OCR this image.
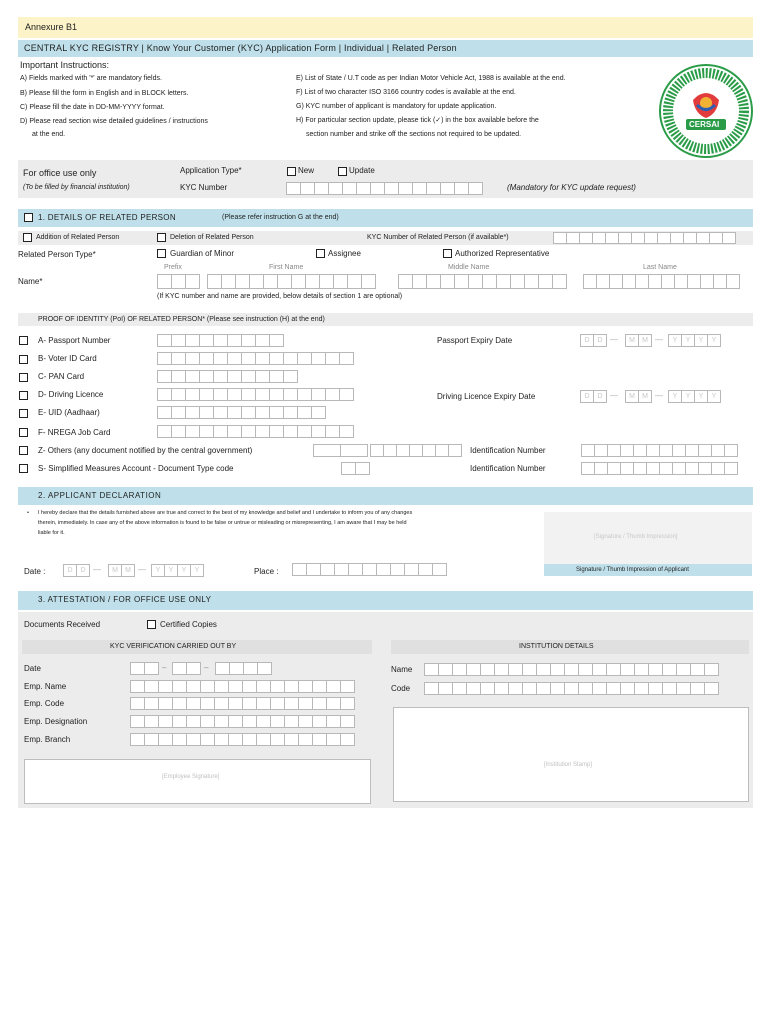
Annexure B1
CENTRAL KYC REGISTRY | Know Your Customer (KYC) Application Form | Individual | Related Person
Important Instructions:
A) Fields marked with '*' are mandatory fields.
B) Please fill the form in English and in BLOCK letters.
C) Please fill the date in DD-MM-YYYY format.
D) Please read section wise detailed guidelines / instructions
at the end.
E) List of State / U.T code as per Indian Motor Vehicle Act, 1988 is available at the end.
F) List of two character ISO 3166 country codes is available at the end.
G) KYC number of applicant is mandatory for update application.
H) For particular section update, please tick (✓) in the box available before the
section number and strike off the sections not required to be updated.
CERSAI
For office use only
(To be filled by financial institution)
Application Type*	New	Update
KYC Number	(Mandatory for KYC update request)
1. DETAILS OF RELATED PERSON	(Please refer instruction G at the end)
Addition of Related Person	Deletion of Related Person	KYC Number of Related Person (if available*)
Related Person Type*	Guardian of Minor	Assignee	Authorized Representative
Prefix	First Name	Middle Name	Last Name
Name*
(If KYC number and name are provided, below details of section 1 are optional)
PROOF OF IDENTITY (PoI) OF RELATED PERSON* (Please see instruction (H) at the end)
A- Passport Number	Passport Expiry Date	D	D —	M	M —	Y	Y	Y	Y
B- Voter ID Card
C- PAN Card
D- Driving Licence	Driving Licence Expiry Date	D	D —	M	M —	Y	Y	Y	Y
E- UID (Aadhaar)
F- NREGA Job Card
Z- Others (any document notified by the central government)	Identification Number
S- Simplified Measures Account - Document Type code	Identification Number
2. APPLICANT DECLARATION
• I hereby declare that the details furnished above are true and correct to the best of my knowledge and belief and I undertake to inform you of any changes
therein, immediately. In case any of the above information is found to be false or untrue or misleading or misrepresenting, I am aware that I may be held
liable for it.
[Signature / Thumb Impression]
Signature / Thumb Impression of Applicant
Date :	D	D —	M	M —	Y	Y	Y	Y	Place :
3. ATTESTATION / FOR OFFICE USE ONLY
Documents Received	Certified Copies
KYC VERIFICATION CARRIED OUT BY	INSTITUTION DETAILS
Date	–	–
Emp. Name
Emp. Code
Emp. Designation
Emp. Branch
Name
Code
[Employee Signature]
[Institution Stamp]
